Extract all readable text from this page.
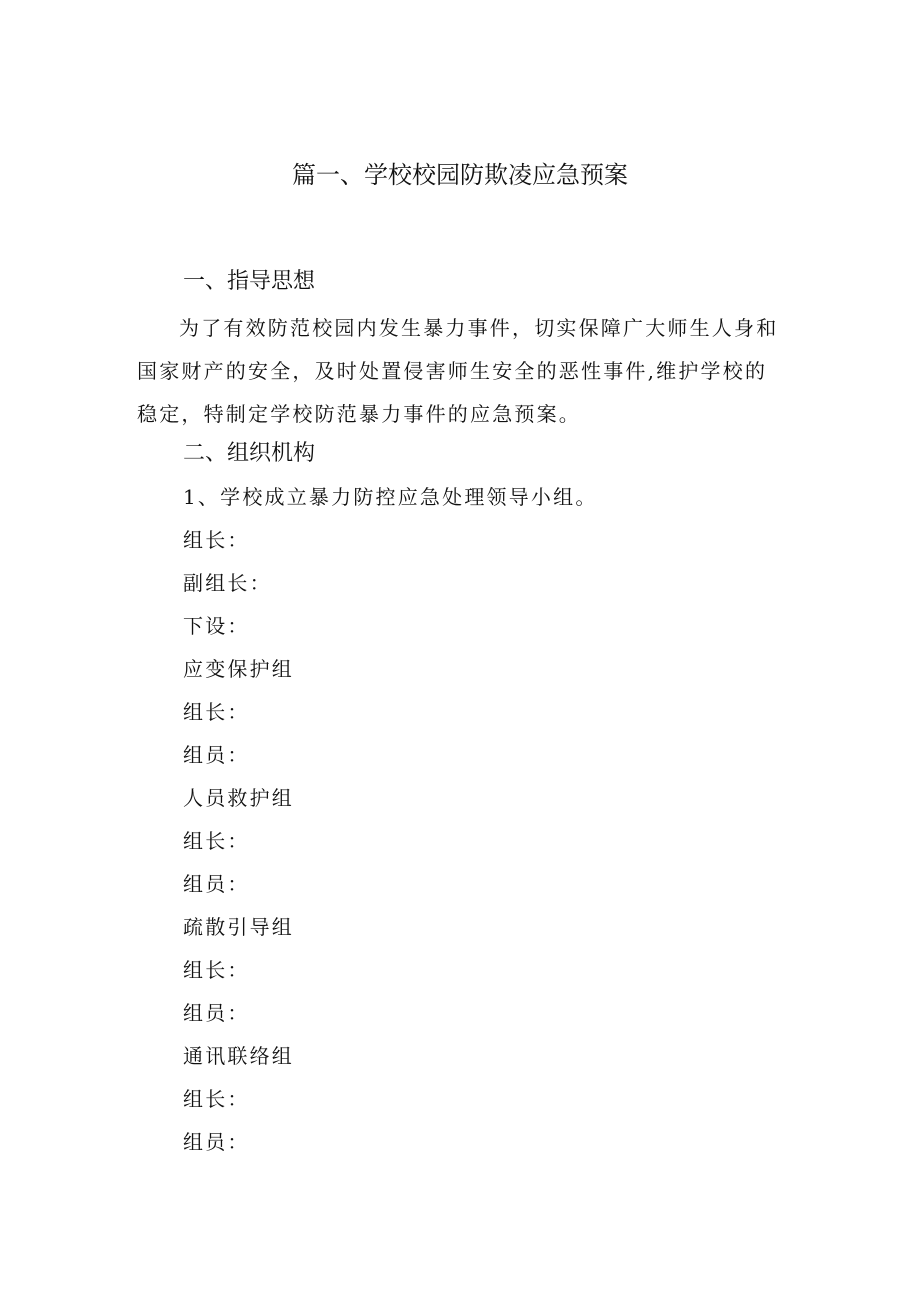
篇一、学校校园防欺凌应急预案
一、指导思想
为了有效防范校园内发生暴力事件，切实保障广大师生人身和国家财产的安全，及时处置侵害师生安全的恶性事件,维护学校的稳定，特制定学校防范暴力事件的应急预案。
二、组织机构
1、学校成立暴力防控应急处理领导小组。
组长：
副组长：
下设：
应变保护组
组长：
组员：
人员救护组
组长：
组员：
疏散引导组
组长：
组员：
通讯联络组
组长：
组员：
